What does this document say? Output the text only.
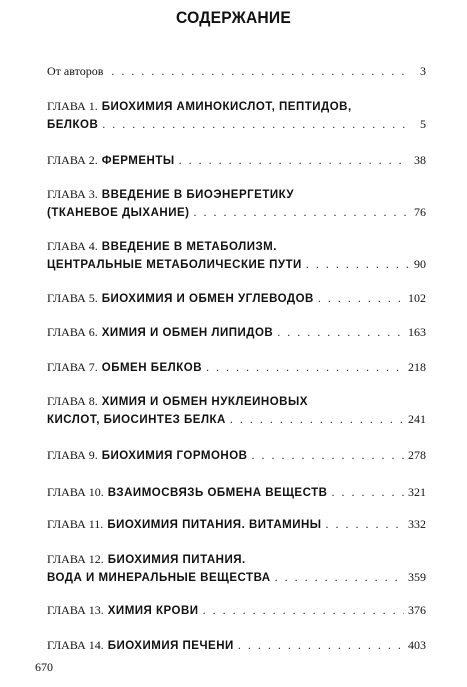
СОДЕРЖАНИЕ
От авторов . . .	3
ГЛАВА 1. БИОХИМИЯ АМИНОКИСЛОТ, ПЕПТИДОВ,
БЕЛКОВ . . .	5
ГЛАВА 2. ФЕРМЕНТЫ . . .	38
ГЛАВА 3. ВВЕДЕНИЕ В БИОЭНЕРГЕТИКУ
(ТКАНЕВОЕ ДЫХАНИЕ) . . .	76
ГЛАВА 4. ВВЕДЕНИЕ В МЕТАБОЛИЗМ.
ЦЕНТРАЛЬНЫЕ МЕТАБОЛИЧЕСКИЕ ПУТИ . . .	90
ГЛАВА 5. БИОХИМИЯ И ОБМЕН УГЛЕВОДОВ . . .	102
ГЛАВА 6. ХИМИЯ И ОБМЕН ЛИПИДОВ . . .	163
ГЛАВА 7. ОБМЕН БЕЛКОВ . . .	218
ГЛАВА 8. ХИМИЯ И ОБМЕН НУКЛЕИНОВЫХ
КИСЛОТ, БИОСИНТЕЗ БЕЛКА . . .	241
ГЛАВА 9. БИОХИМИЯ ГОРМОНОВ . . .	278
ГЛАВА 10. ВЗАИМОСВЯЗЬ ОБМЕНА ВЕЩЕСТВ . . .	321
ГЛАВА 11. БИОХИМИЯ ПИТАНИЯ. ВИТАМИНЫ . . .	332
ГЛАВА 12. БИОХИМИЯ ПИТАНИЯ.
ВОДА И МИНЕРАЛЬНЫЕ ВЕЩЕСТВА . . .	359
ГЛАВА 13. ХИМИЯ КРОВИ . . .	376
ГЛАВА 14. БИОХИМИЯ ПЕЧЕНИ . . .	403
670
